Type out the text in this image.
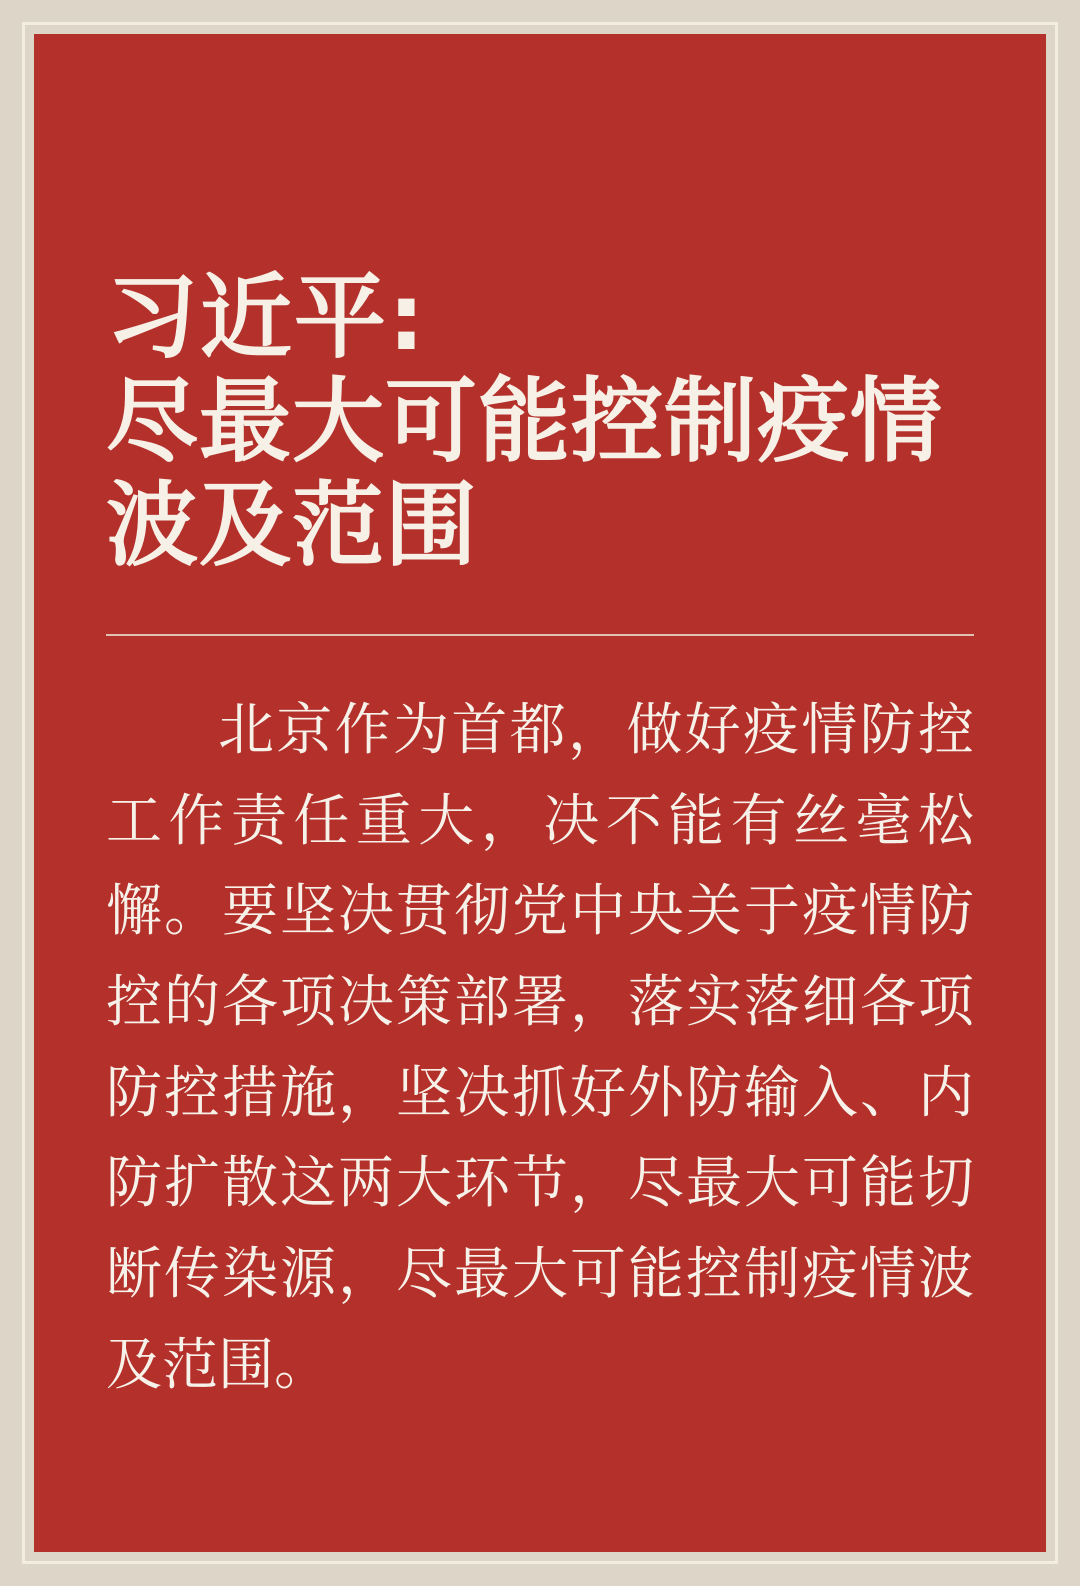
习近平:
尽最大可能控制疫情
波及范围
北京作为首都，做好疫情防控工作责任重大，决不能有丝毫松懈。要坚决贯彻党中央关于疫情防控的各项决策部署，落实落细各项防控措施，坚决抓好外防输入、内防扩散这两大环节，尽最大可能切断传染源，尽最大可能控制疫情波及范围。
